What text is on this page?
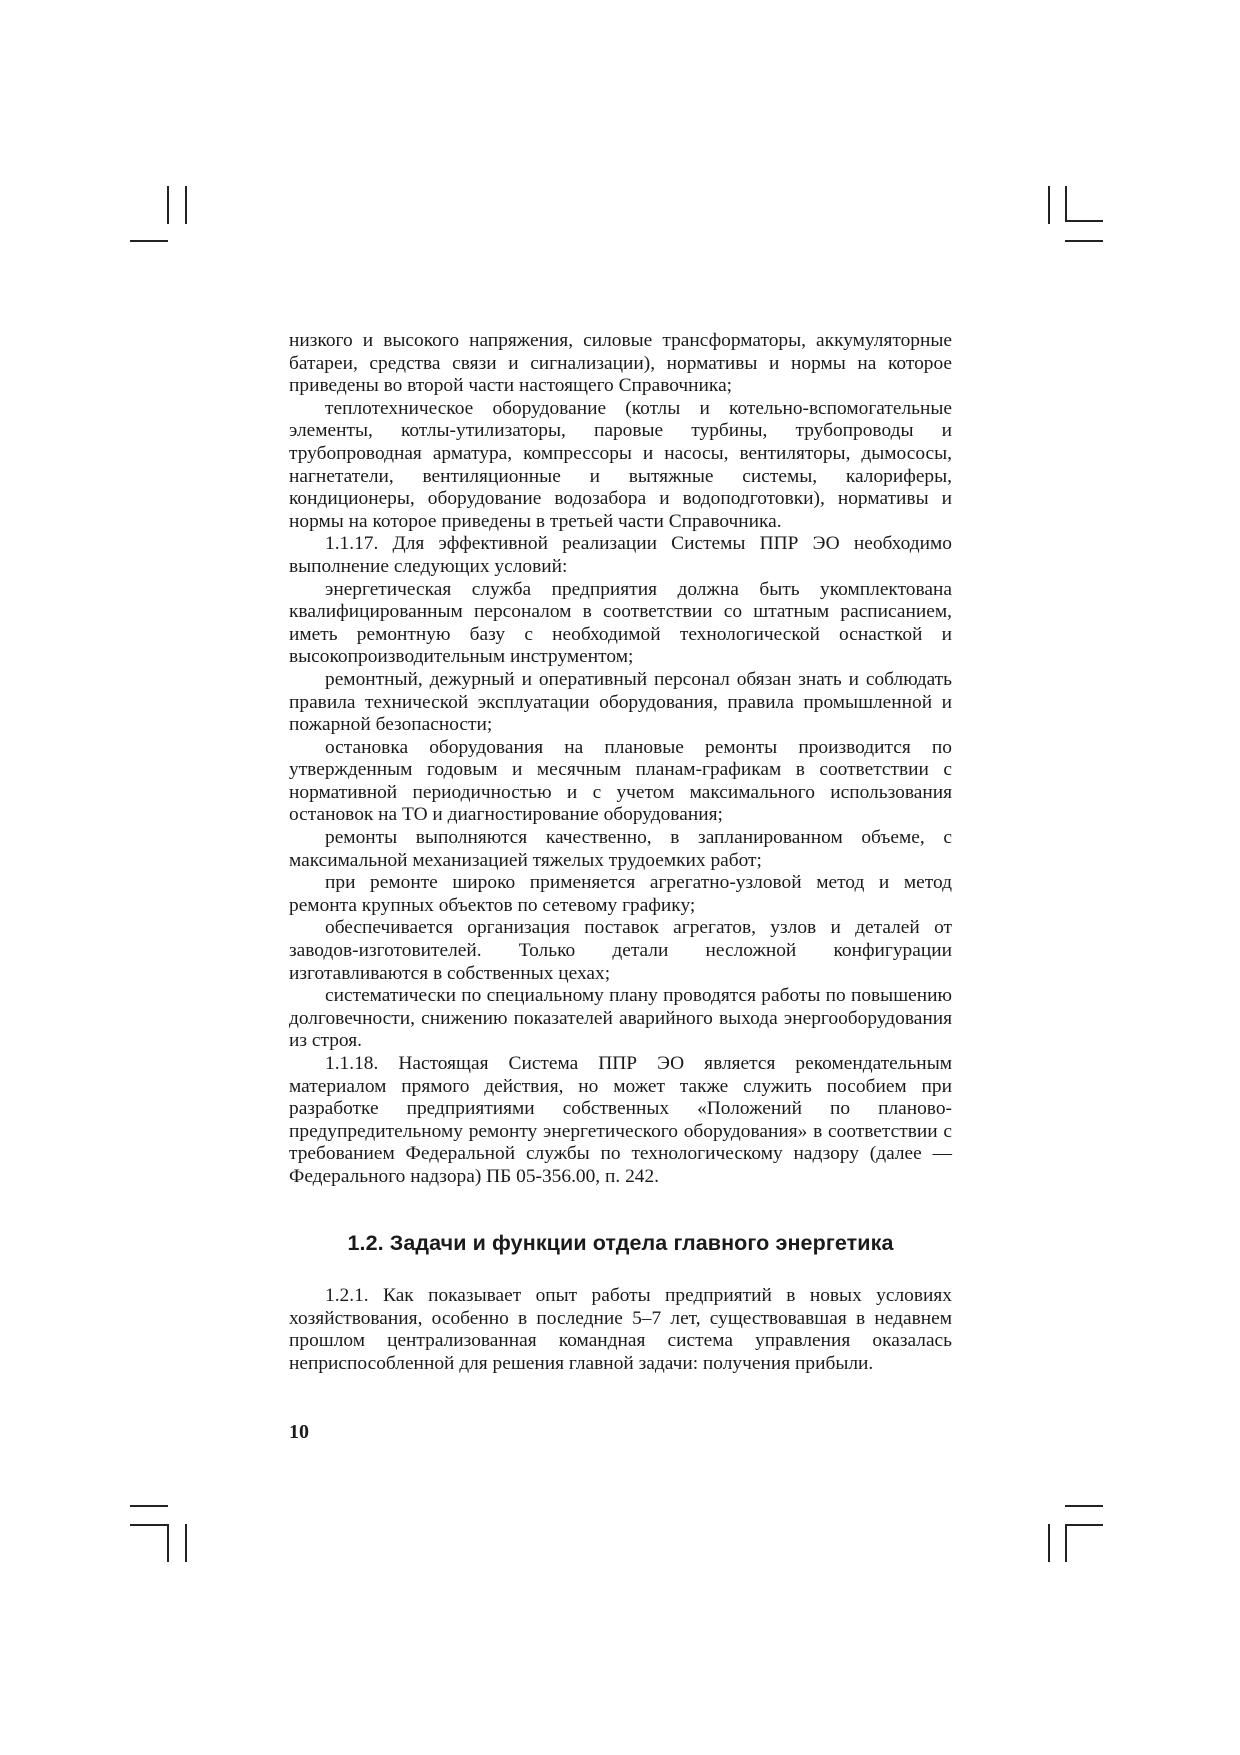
низкого и высокого напряжения, силовые трансформаторы, аккумуляторные батареи, средства связи и сигнализации), нормативы и нормы на которое приведены во второй части настоящего Справочника;

теплотехническое оборудование (котлы и котельно-вспомогательные элементы, котлы-утилизаторы, паровые турбины, трубопроводы и трубопроводная арматура, компрессоры и насосы, вентиляторы, дымососы, нагнетатели, вентиляционные и вытяжные системы, калориферы, кондиционеры, оборудование водозабора и водоподготовки), нормативы и нормы на которое приведены в третьей части Справочника.

1.1.17. Для эффективной реализации Системы ППР ЭО необходимо выполнение следующих условий:

энергетическая служба предприятия должна быть укомплектована квалифицированным персоналом в соответствии со штатным расписанием, иметь ремонтную базу с необходимой технологической оснасткой и высокопроизводительным инструментом;

ремонтный, дежурный и оперативный персонал обязан знать и соблюдать правила технической эксплуатации оборудования, правила промышленной и пожарной безопасности;

остановка оборудования на плановые ремонты производится по утвержденным годовым и месячным планам-графикам в соответствии с нормативной периодичностью и с учетом максимального использования остановок на ТО и диагностирование оборудования;

ремонты выполняются качественно, в запланированном объеме, с максимальной механизацией тяжелых трудоемких работ;

при ремонте широко применяется агрегатно-узловой метод и метод ремонта крупных объектов по сетевому графику;

обеспечивается организация поставок агрегатов, узлов и деталей от заводов-изготовителей. Только детали несложной конфигурации изготавливаются в собственных цехах;

систематически по специальному плану проводятся работы по повышению долговечности, снижению показателей аварийного выхода энергооборудования из строя.

1.1.18. Настоящая Система ППР ЭО является рекомендательным материалом прямого действия, но может также служить пособием при разработке предприятиями собственных «Положений по планово-предупредительному ремонту энергетического оборудования» в соответствии с требованием Федеральной службы по технологическому надзору (далее — Федерального надзора) ПБ 05-356.00, п. 242.

1.2. Задачи и функции отдела главного энергетика

1.2.1. Как показывает опыт работы предприятий в новых условиях хозяйствования, особенно в последние 5–7 лет, существовавшая в недавнем прошлом централизованная командная система управления оказалась неприспособленной для решения главной задачи: получения прибыли.

10
